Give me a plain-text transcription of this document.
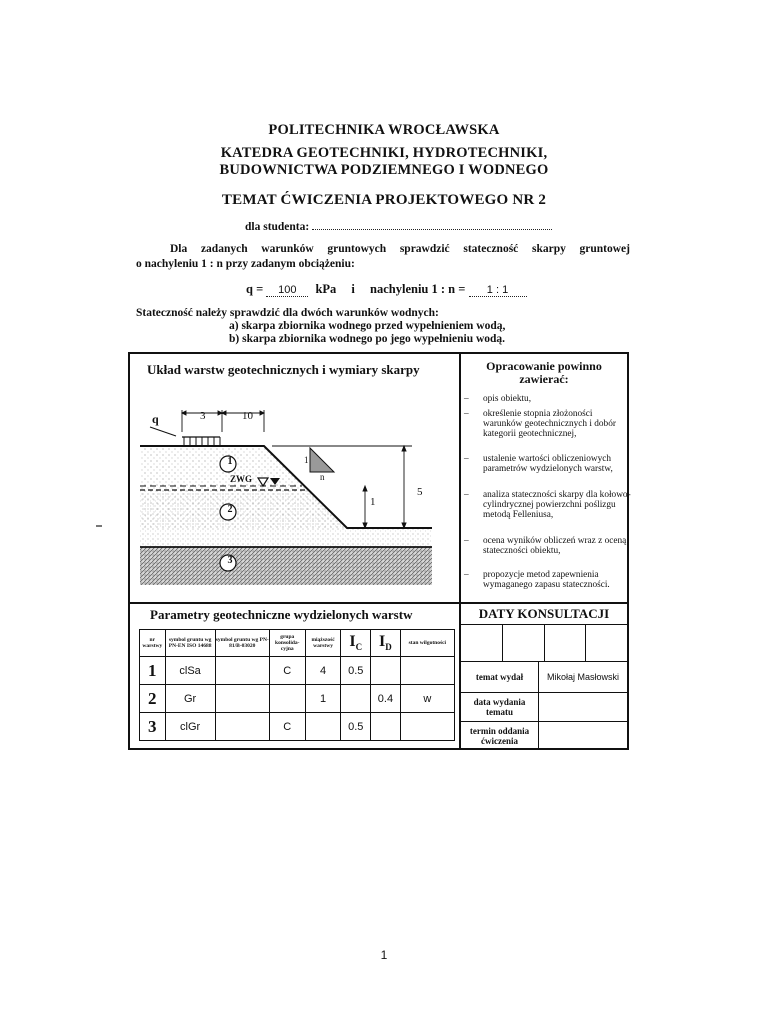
POLITECHNIKA WROCŁAWSKA
KATEDRA GEOTECHNIKI, HYDROTECHNIKI,
BUDOWNICTWA PODZIEMNEGO I WODNEGO
TEMAT ĆWICZENIA PROJEKTOWEGO NR 2
dla studenta:
Dla zadanych warunków gruntowych sprawdzić stateczność skarpy gruntowej
o nachyleniu 1 : n przy zadanym obciążeniu:
q = 100 kPa i nachyleniu 1 : n = 1 : 1
Stateczność należy sprawdzić dla dwóch warunków wodnych:
a) skarpa zbiornika wodnego przed wypełnieniem wodą,
b) skarpa zbiornika wodnego po jego wypełnieniu wodą.
Układ warstw geotechnicznych i wymiary skarpy
q	3	10
5
1
1
n
ZWG
1
2
3
Opracowanie powinno
zawierać:
– opis obiektu,
– określenie stopnia złożoności warunków geotechnicznych i dobór kategorii geotechnicznej,
– ustalenie wartości obliczeniowych parametrów wydzielonych warstw,
– analiza stateczności skarpy dla kołowo-cylindrycznej powierzchni poślizgu metodą Felleniusa,
– ocena wyników obliczeń wraz z oceną stateczności obiektu,
– propozycje metod zapewnienia wymaganego zapasu stateczności.
Parametry geotechniczne wydzielonych warstw
nr warstwy	symbol gruntu wg PN-EN ISO 14688	symbol gruntu wg PN-81/B-03020	grupa konsolida-cyjna	miąższość warstwy	$I_C$	$I_D$	stan wilgotności
1	clSa		C	4	0.5		
2	Gr			1		0.4	w
3	clGr		C		0.5		
DATY KONSULTACJI
temat wydał	Mikołaj Masłowski
data wydania tematu
termin oddania ćwiczenia
1
